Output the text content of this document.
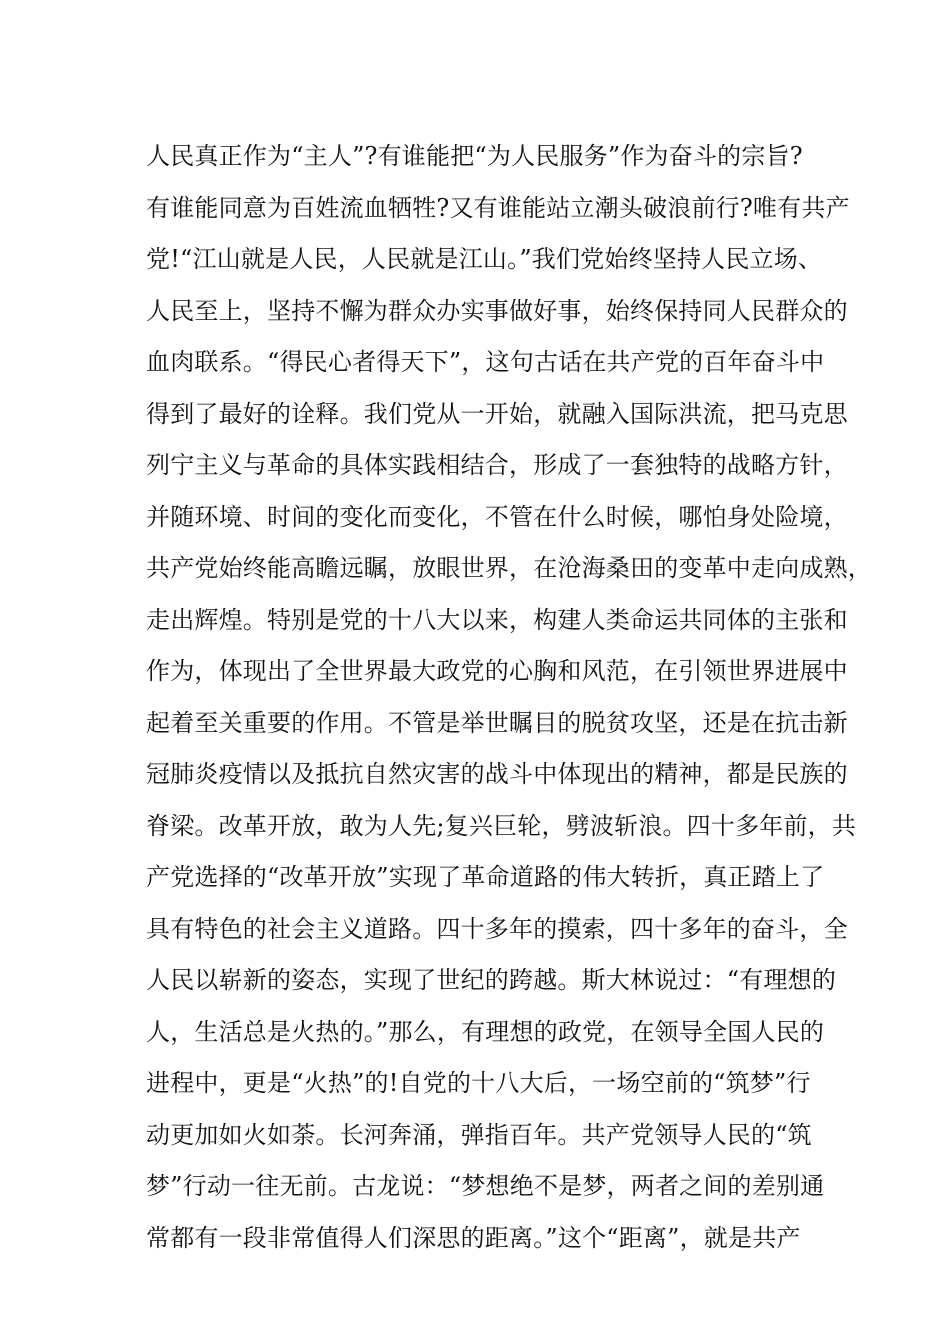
人民真正作为“主人”?有谁能把“为人民服务”作为奋斗的宗旨?
有谁能同意为百姓流血牺牲?又有谁能站立潮头破浪前行?唯有共产
党!“江山就是人民，人民就是江山。”我们党始终坚持人民立场、
人民至上，坚持不懈为群众办实事做好事，始终保持同人民群众的
血肉联系。“得民心者得天下”，这句古话在共产党的百年奋斗中
得到了最好的诠释。我们党从一开始，就融入国际洪流，把马克思
列宁主义与革命的具体实践相结合，形成了一套独特的战略方针，
并随环境、时间的变化而变化，不管在什么时候，哪怕身处险境，
共产党始终能高瞻远瞩，放眼世界，在沧海桑田的变革中走向成熟，
走出辉煌。特别是党的十八大以来，构建人类命运共同体的主张和
作为，体现出了全世界最大政党的心胸和风范，在引领世界进展中
起着至关重要的作用。不管是举世瞩目的脱贫攻坚，还是在抗击新
冠肺炎疫情以及抵抗自然灾害的战斗中体现出的精神，都是民族的
脊梁。改革开放，敢为人先;复兴巨轮，劈波斩浪。四十多年前，共
产党选择的“改革开放”实现了革命道路的伟大转折，真正踏上了
具有特色的社会主义道路。四十多年的摸索，四十多年的奋斗，全
人民以崭新的姿态，实现了世纪的跨越。斯大林说过：“有理想的
人，生活总是火热的。”那么，有理想的政党，在领导全国人民的
进程中，更是“火热”的!自党的十八大后，一场空前的“筑梦”行
动更加如火如荼。长河奔涌，弹指百年。共产党领导人民的“筑
梦”行动一往无前。古龙说：“梦想绝不是梦，两者之间的差别通
常都有一段非常值得人们深思的距离。”这个“距离”，就是共产
